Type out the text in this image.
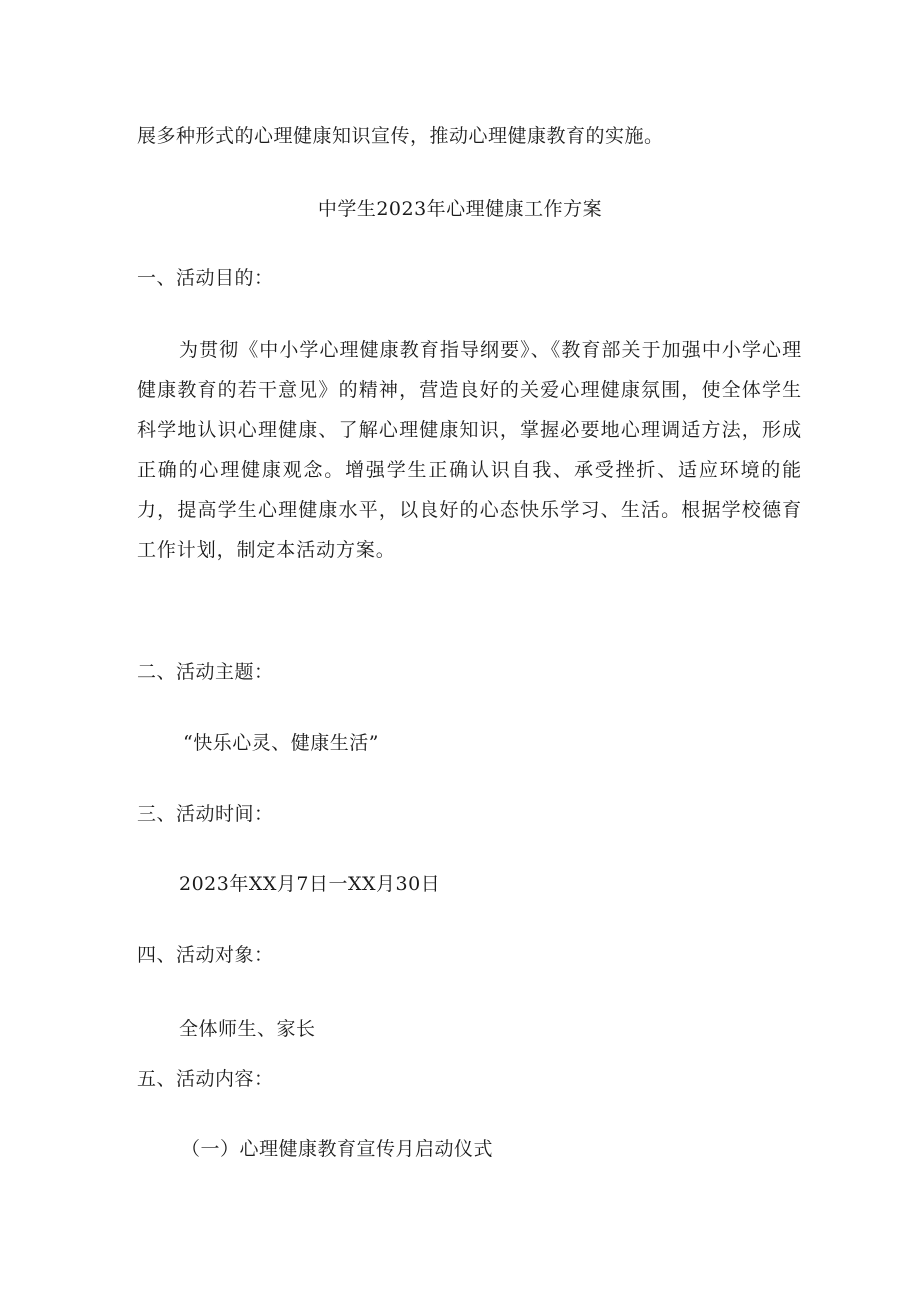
展多种形式的心理健康知识宣传，推动心理健康教育的实施。

中学生2023年心理健康工作方案

一、活动目的：

为贯彻《中小学心理健康教育指导纲要》、《教育部关于加强中小学心理健康教育的若干意见》的精神，营造良好的关爱心理健康氛围，使全体学生科学地认识心理健康、了解心理健康知识，掌握必要地心理调适方法，形成正确的心理健康观念。增强学生正确认识自我、承受挫折、适应环境的能力，提高学生心理健康水平，以良好的心态快乐学习、生活。根据学校德育工作计划，制定本活动方案。

二、活动主题：

“快乐心灵、健康生活”

三、活动时间：

2023年XX月7日一XX月30日

四、活动对象：

全体师生、家长

五、活动内容：

（一）心理健康教育宣传月启动仪式
